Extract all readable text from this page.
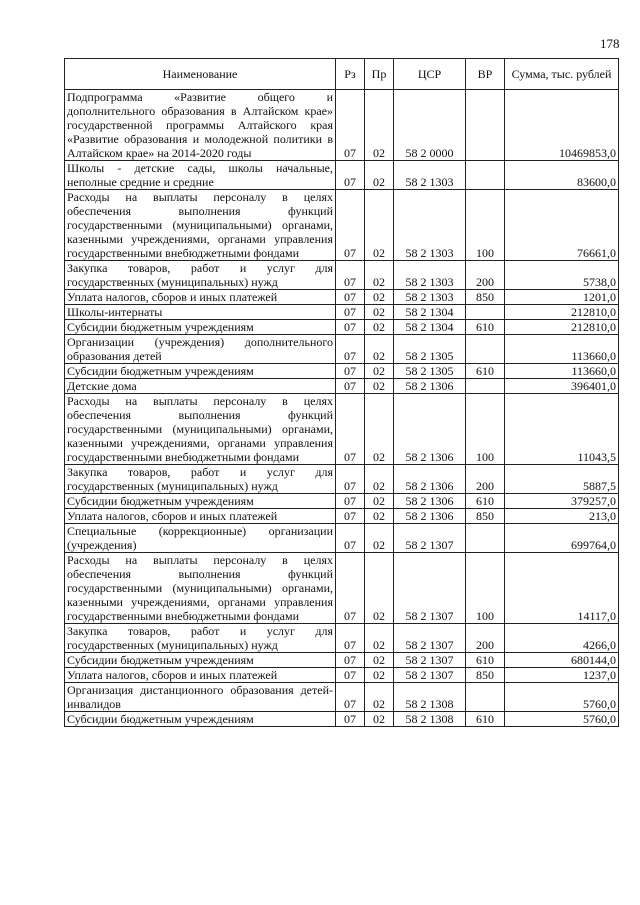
178
Наименование	Рз	Пр	ЦСР	ВР	Сумма, тыс. рублей
Подпрограмма «Развитие общего и дополнительного образования в Алтайском крае» государственной программы Алтайского края «Развитие образования и молодежной политики в Алтайском крае» на 2014-2020 годы	07	02	58 2 0000		10469853,0
Школы - детские сады, школы начальные, неполные средние и средние	07	02	58 2 1303		83600,0
Расходы на выплаты персоналу в целях обеспечения выполнения функций государственными (муниципальными) органами, казенными учреждениями, органами управления государственными внебюджетными фондами	07	02	58 2 1303	100	76661,0
Закупка товаров, работ и услуг для государственных (муниципальных) нужд	07	02	58 2 1303	200	5738,0
Уплата налогов, сборов и иных платежей	07	02	58 2 1303	850	1201,0
Школы-интернаты	07	02	58 2 1304		212810,0
Субсидии бюджетным учреждениям	07	02	58 2 1304	610	212810,0
Организации (учреждения) дополнительного образования детей	07	02	58 2 1305		113660,0
Субсидии бюджетным учреждениям	07	02	58 2 1305	610	113660,0
Детские дома	07	02	58 2 1306		396401,0
Расходы на выплаты персоналу в целях обеспечения выполнения функций государственными (муниципальными) органами, казенными учреждениями, органами управления государственными внебюджетными фондами	07	02	58 2 1306	100	11043,5
Закупка товаров, работ и услуг для государственных (муниципальных) нужд	07	02	58 2 1306	200	5887,5
Субсидии бюджетным учреждениям	07	02	58 2 1306	610	379257,0
Уплата налогов, сборов и иных платежей	07	02	58 2 1306	850	213,0
Специальные (коррекционные) организации (учреждения)	07	02	58 2 1307		699764,0
Расходы на выплаты персоналу в целях обеспечения выполнения функций государственными (муниципальными) органами, казенными учреждениями, органами управления государственными внебюджетными фондами	07	02	58 2 1307	100	14117,0
Закупка товаров, работ и услуг для государственных (муниципальных) нужд	07	02	58 2 1307	200	4266,0
Субсидии бюджетным учреждениям	07	02	58 2 1307	610	680144,0
Уплата налогов, сборов и иных платежей	07	02	58 2 1307	850	1237,0
Организация дистанционного образования детей-инвалидов	07	02	58 2 1308		5760,0
Субсидии бюджетным учреждениям	07	02	58 2 1308	610	5760,0
